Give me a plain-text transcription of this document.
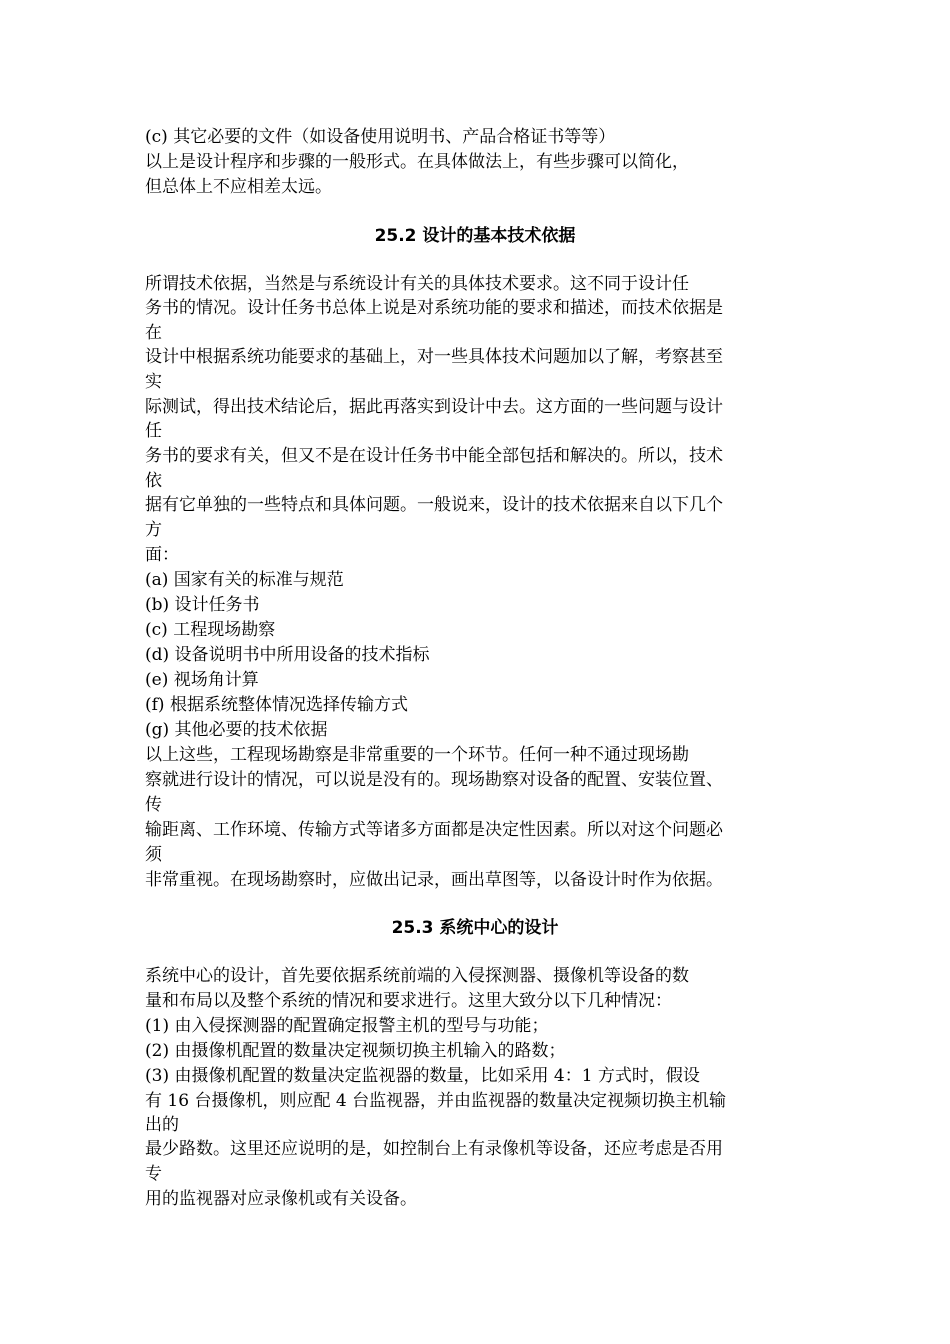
(c) 其它必要的文件（如设备使用说明书、产品合格证书等等）
以上是设计程序和步骤的一般形式。在具体做法上，有些步骤可以简化，
但总体上不应相差太远。
25.2 设计的基本技术依据
所谓技术依据，当然是与系统设计有关的具体技术要求。这不同于设计任
务书的情况。设计任务书总体上说是对系统功能的要求和描述，而技术依据是
在
设计中根据系统功能要求的基础上，对一些具体技术问题加以了解，考察甚至
实
际测试，得出技术结论后，据此再落实到设计中去。这方面的一些问题与设计
任
务书的要求有关，但又不是在设计任务书中能全部包括和解决的。所以，技术
依
据有它单独的一些特点和具体问题。一般说来，设计的技术依据来自以下几个
方
面：
(a) 国家有关的标准与规范
(b) 设计任务书
(c) 工程现场勘察
(d) 设备说明书中所用设备的技术指标
(e) 视场角计算
(f) 根据系统整体情况选择传输方式
(g) 其他必要的技术依据
以上这些，工程现场勘察是非常重要的一个环节。任何一种不通过现场勘
察就进行设计的情况，可以说是没有的。现场勘察对设备的配置、安装位置、
传
输距离、工作环境、传输方式等诸多方面都是决定性因素。所以对这个问题必
须
非常重视。在现场勘察时，应做出记录，画出草图等，以备设计时作为依据。
25.3 系统中心的设计
系统中心的设计，首先要依据系统前端的入侵探测器、摄像机等设备的数
量和布局以及整个系统的情况和要求进行。这里大致分以下几种情况：
(1) 由入侵探测器的配置确定报警主机的型号与功能；
(2) 由摄像机配置的数量决定视频切换主机输入的路数；
(3) 由摄像机配置的数量决定监视器的数量，比如采用 4：1 方式时，假设
有 16 台摄像机，则应配 4 台监视器，并由监视器的数量决定视频切换主机输
出的
最少路数。这里还应说明的是，如控制台上有录像机等设备，还应考虑是否用
专
用的监视器对应录像机或有关设备。
